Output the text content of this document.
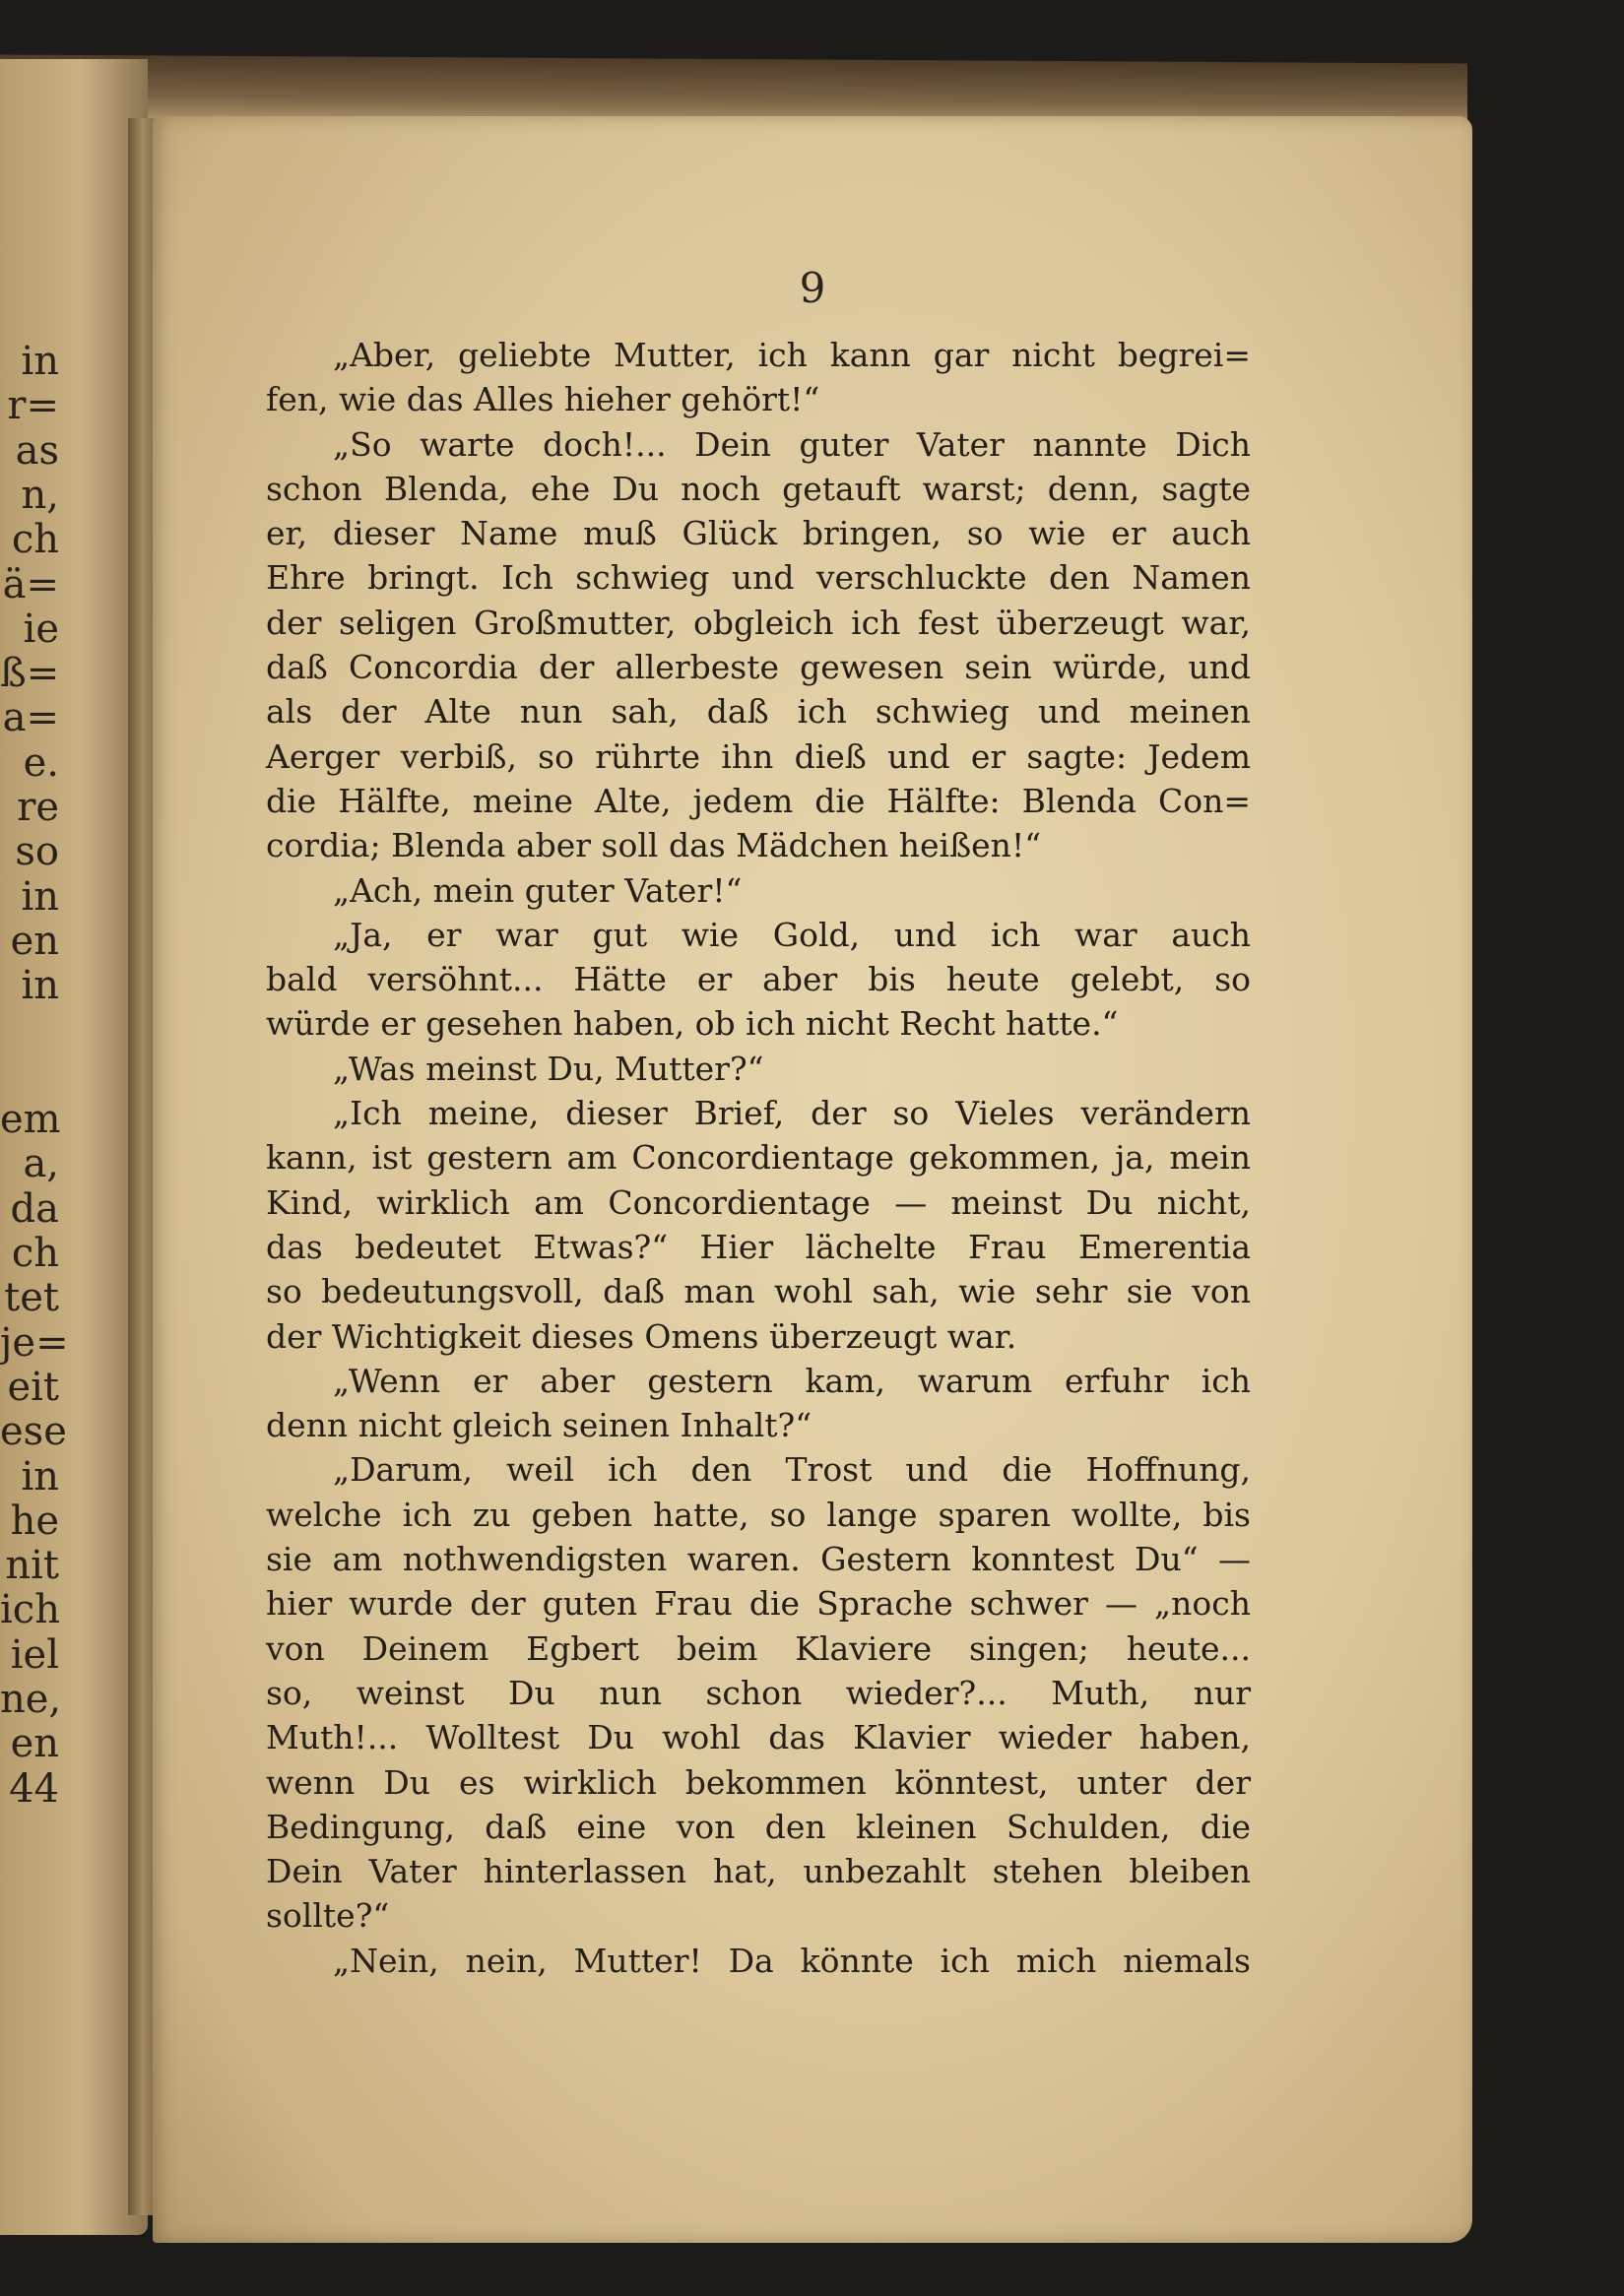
in
r=
as
n,
ch
ä=
ie
ß=
a=
e.
re
so
in
en
in
em
a,
da
ch
tet
je=
eit
ese
in
he
nit
ich
iel
ne,
en
44
9
„Aber, geliebte Mutter, ich kann gar nicht begrei=
fen, wie das Alles hieher gehört!“
„So warte doch!... Dein guter Vater nannte Dich
schon Blenda, ehe Du noch getauft warst; denn, sagte
er, dieser Name muß Glück bringen, so wie er auch
Ehre bringt. Ich schwieg und verschluckte den Namen
der seligen Großmutter, obgleich ich fest überzeugt war,
daß Concordia der allerbeste gewesen sein würde, und
als der Alte nun sah, daß ich schwieg und meinen
Aerger verbiß, so rührte ihn dieß und er sagte: Jedem
die Hälfte, meine Alte, jedem die Hälfte: Blenda Con=
cordia; Blenda aber soll das Mädchen heißen!“
„Ach, mein guter Vater!“
„Ja, er war gut wie Gold, und ich war auch
bald versöhnt... Hätte er aber bis heute gelebt, so
würde er gesehen haben, ob ich nicht Recht hatte.“
„Was meinst Du, Mutter?“
„Ich meine, dieser Brief, der so Vieles verändern
kann, ist gestern am Concordientage gekommen, ja, mein
Kind, wirklich am Concordientage — meinst Du nicht,
das bedeutet Etwas?“ Hier lächelte Frau Emerentia
so bedeutungsvoll, daß man wohl sah, wie sehr sie von
der Wichtigkeit dieses Omens überzeugt war.
„Wenn er aber gestern kam, warum erfuhr ich
denn nicht gleich seinen Inhalt?“
„Darum, weil ich den Trost und die Hoffnung,
welche ich zu geben hatte, so lange sparen wollte, bis
sie am nothwendigsten waren. Gestern konntest Du“ —
hier wurde der guten Frau die Sprache schwer — „noch
von Deinem Egbert beim Klaviere singen; heute...
so, weinst Du nun schon wieder?... Muth, nur
Muth!... Wolltest Du wohl das Klavier wieder haben,
wenn Du es wirklich bekommen könntest, unter der
Bedingung, daß eine von den kleinen Schulden, die
Dein Vater hinterlassen hat, unbezahlt stehen bleiben
sollte?“
„Nein, nein, Mutter! Da könnte ich mich niemals
